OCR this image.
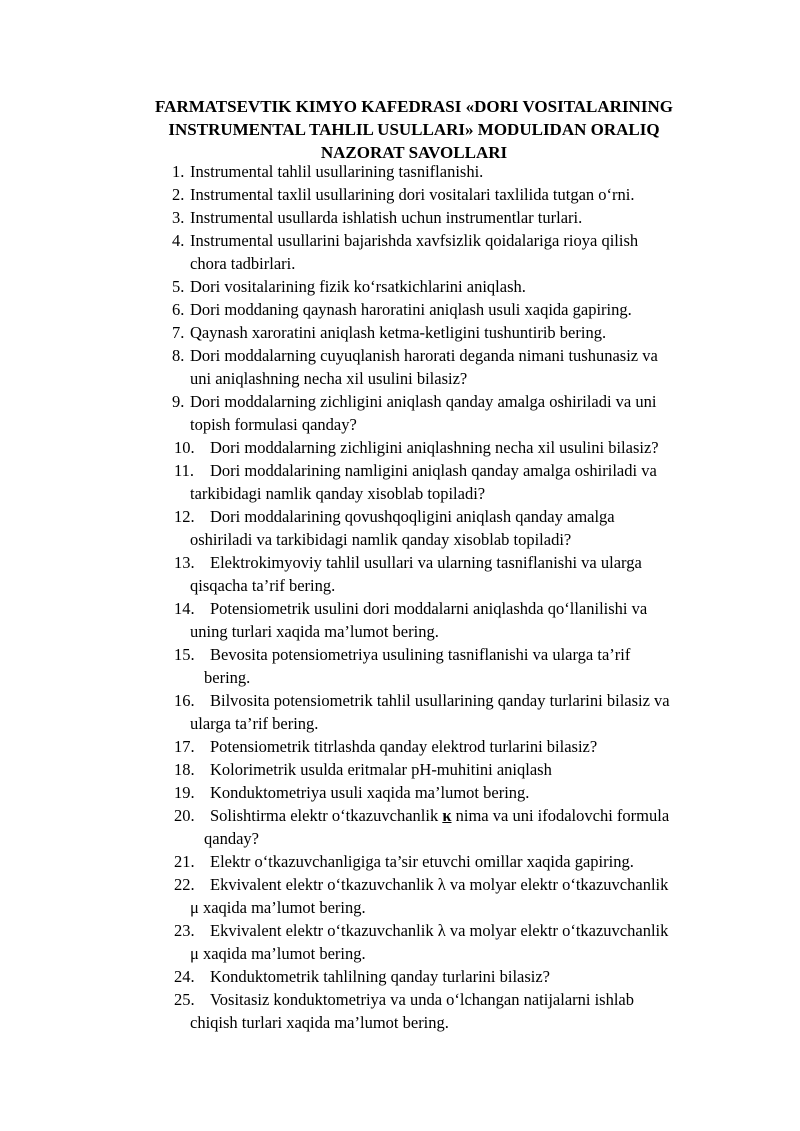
FARMATSEVTIK KIMYO KAFEDRASI «DORI VOSITALARINING
INSTRUMENTAL TAHLIL USULLARI» MODULIDAN ORALIQ
NAZORAT SAVOLLARI
1. Instrumental tahlil usullarining tasniflanishi.
2. Instrumental taxlil usullarining dori vositalari taxlilida tutgan o‘rni.
3. Instrumental usullarda ishlatish uchun instrumentlar turlari.
4. Instrumental usullarini bajarishda xavfsizlik qoidalariga rioya qilish
chora tadbirlari.
5. Dori vositalarining fizik ko‘rsatkichlarini aniqlash.
6. Dori moddaning qaynash haroratini aniqlash usuli xaqida gapiring.
7. Qaynash xaroratini aniqlash ketma-ketligini tushuntirib bering.
8. Dori moddalarning cuyuqlanish harorati deganda nimani tushunasiz va
uni aniqlashning necha xil usulini bilasiz?
9. Dori moddalarning zichligini aniqlash qanday amalga oshiriladi va uni
topish formulasi qanday?
10. Dori moddalarning zichligini aniqlashning necha xil usulini bilasiz?
11. Dori moddalarining namligini aniqlash qanday amalga oshiriladi va
tarkibidagi namlik qanday xisoblab topiladi?
12. Dori moddalarining qovushqoqligini aniqlash qanday amalga
oshiriladi va tarkibidagi namlik qanday xisoblab topiladi?
13. Elektrokimyoviy tahlil usullari va ularning tasniflanishi va ularga
qisqacha ta’rif bering.
14. Potensiometrik usulini dori moddalarni aniqlashda qo‘llanilishi va
uning turlari xaqida ma’lumot bering.
15. Bevosita potensiometriya usulining tasniflanishi va ularga ta’rif
bering.
16. Bilvosita potensiometrik tahlil usullarining qanday turlarini bilasiz va
ularga ta’rif bering.
17. Potensiometrik titrlashda qanday elektrod turlarini bilasiz?
18. Kolorimetrik usulda eritmalar pH-muhitini aniqlash
19. Konduktometriya usuli xaqida ma’lumot bering.
20. Solishtirma elektr o‘tkazuvchanlik κ nima va uni ifodalovchi formula
qanday?
21. Elektr o‘tkazuvchanligiga ta’sir etuvchi omillar xaqida gapiring.
22. Ekvivalent elektr o‘tkazuvchanlik λ va molyar elektr o‘tkazuvchanlik
μ xaqida ma’lumot bering.
23. Ekvivalent elektr o‘tkazuvchanlik λ va molyar elektr o‘tkazuvchanlik
μ xaqida ma’lumot bering.
24. Konduktometrik tahlilning qanday turlarini bilasiz?
25. Vositasiz konduktometriya va unda o‘lchangan natijalarni ishlab
chiqish turlari xaqida ma’lumot bering.
